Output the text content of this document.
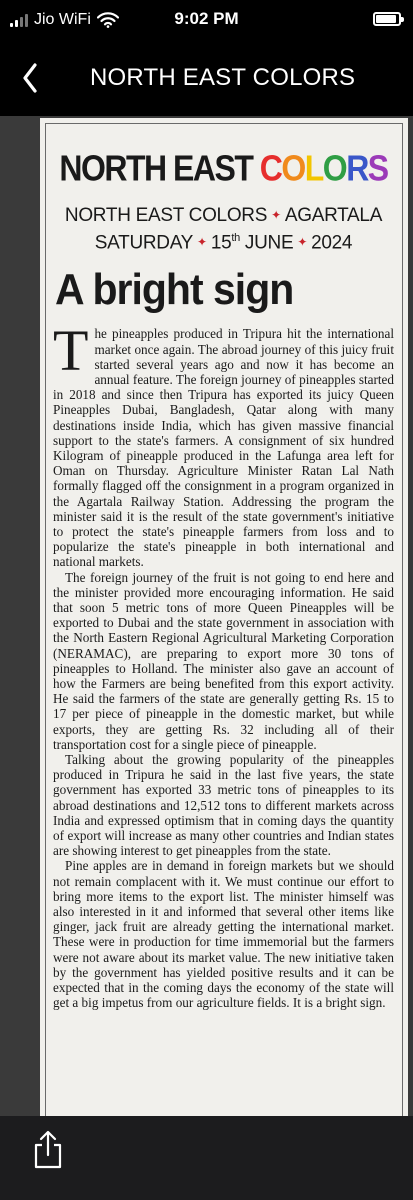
Jio WiFi	9:02 PM
NORTH EAST COLORS
NORTH EAST COLORS
NORTH EAST COLORS ✦ AGARTALA
SATURDAY ✦ 15th JUNE ✦ 2024
A bright sign

The pineapples produced in Tripura hit the international market once again. The abroad journey of this juicy fruit started several years ago and now it has become an annual feature. The foreign journey of pineapples started in 2018 and since then Tripura has exported its juicy Queen Pineapples Dubai, Bangladesh, Qatar along with many destinations inside India, which has given massive financial support to the state's farmers. A consignment of six hundred Kilogram of pineapple produced in the Lafunga area left for Oman on Thursday. Agriculture Minister Ratan Lal Nath formally flagged off the consignment in a program organized in the Agartala Railway Station. Addressing the program the minister said it is the result of the state government's initiative to protect the state's pineapple farmers from loss and to popularize the state's pineapple in both international and national markets.

The foreign journey of the fruit is not going to end here and the minister provided more encouraging information. He said that soon 5 metric tons of more Queen Pineapples will be exported to Dubai and the state government in association with the North Eastern Regional Agricultural Marketing Corporation (NERAMAC), are preparing to export more 30 tons of pineapples to Holland. The minister also gave an account of how the Farmers are being benefited from this export activity. He said the farmers of the state are generally getting Rs. 15 to 17 per piece of pineapple in the domestic market, but while exports, they are getting Rs. 32 including all of their transportation cost for a single piece of pineapple.

Talking about the growing popularity of the pineapples produced in Tripura he said in the last five years, the state government has exported 33 metric tons of pineapples to its abroad destinations and 12,512 tons to different markets across India and expressed optimism that in coming days the quantity of export will increase as many other countries and Indian states are showing interest to get pineapples from the state.

Pine apples are in demand in foreign markets but we should not remain complacent with it. We must continue our effort to bring more items to the export list. The minister himself was also interested in it and informed that several other items like ginger, jack fruit are already getting the international market. These were in production for time immemorial but the farmers were not aware about its market value. The new initiative taken by the government has yielded positive results and it can be expected that in the coming days the economy of the state will get a big impetus from our agriculture fields. It is a bright sign.
